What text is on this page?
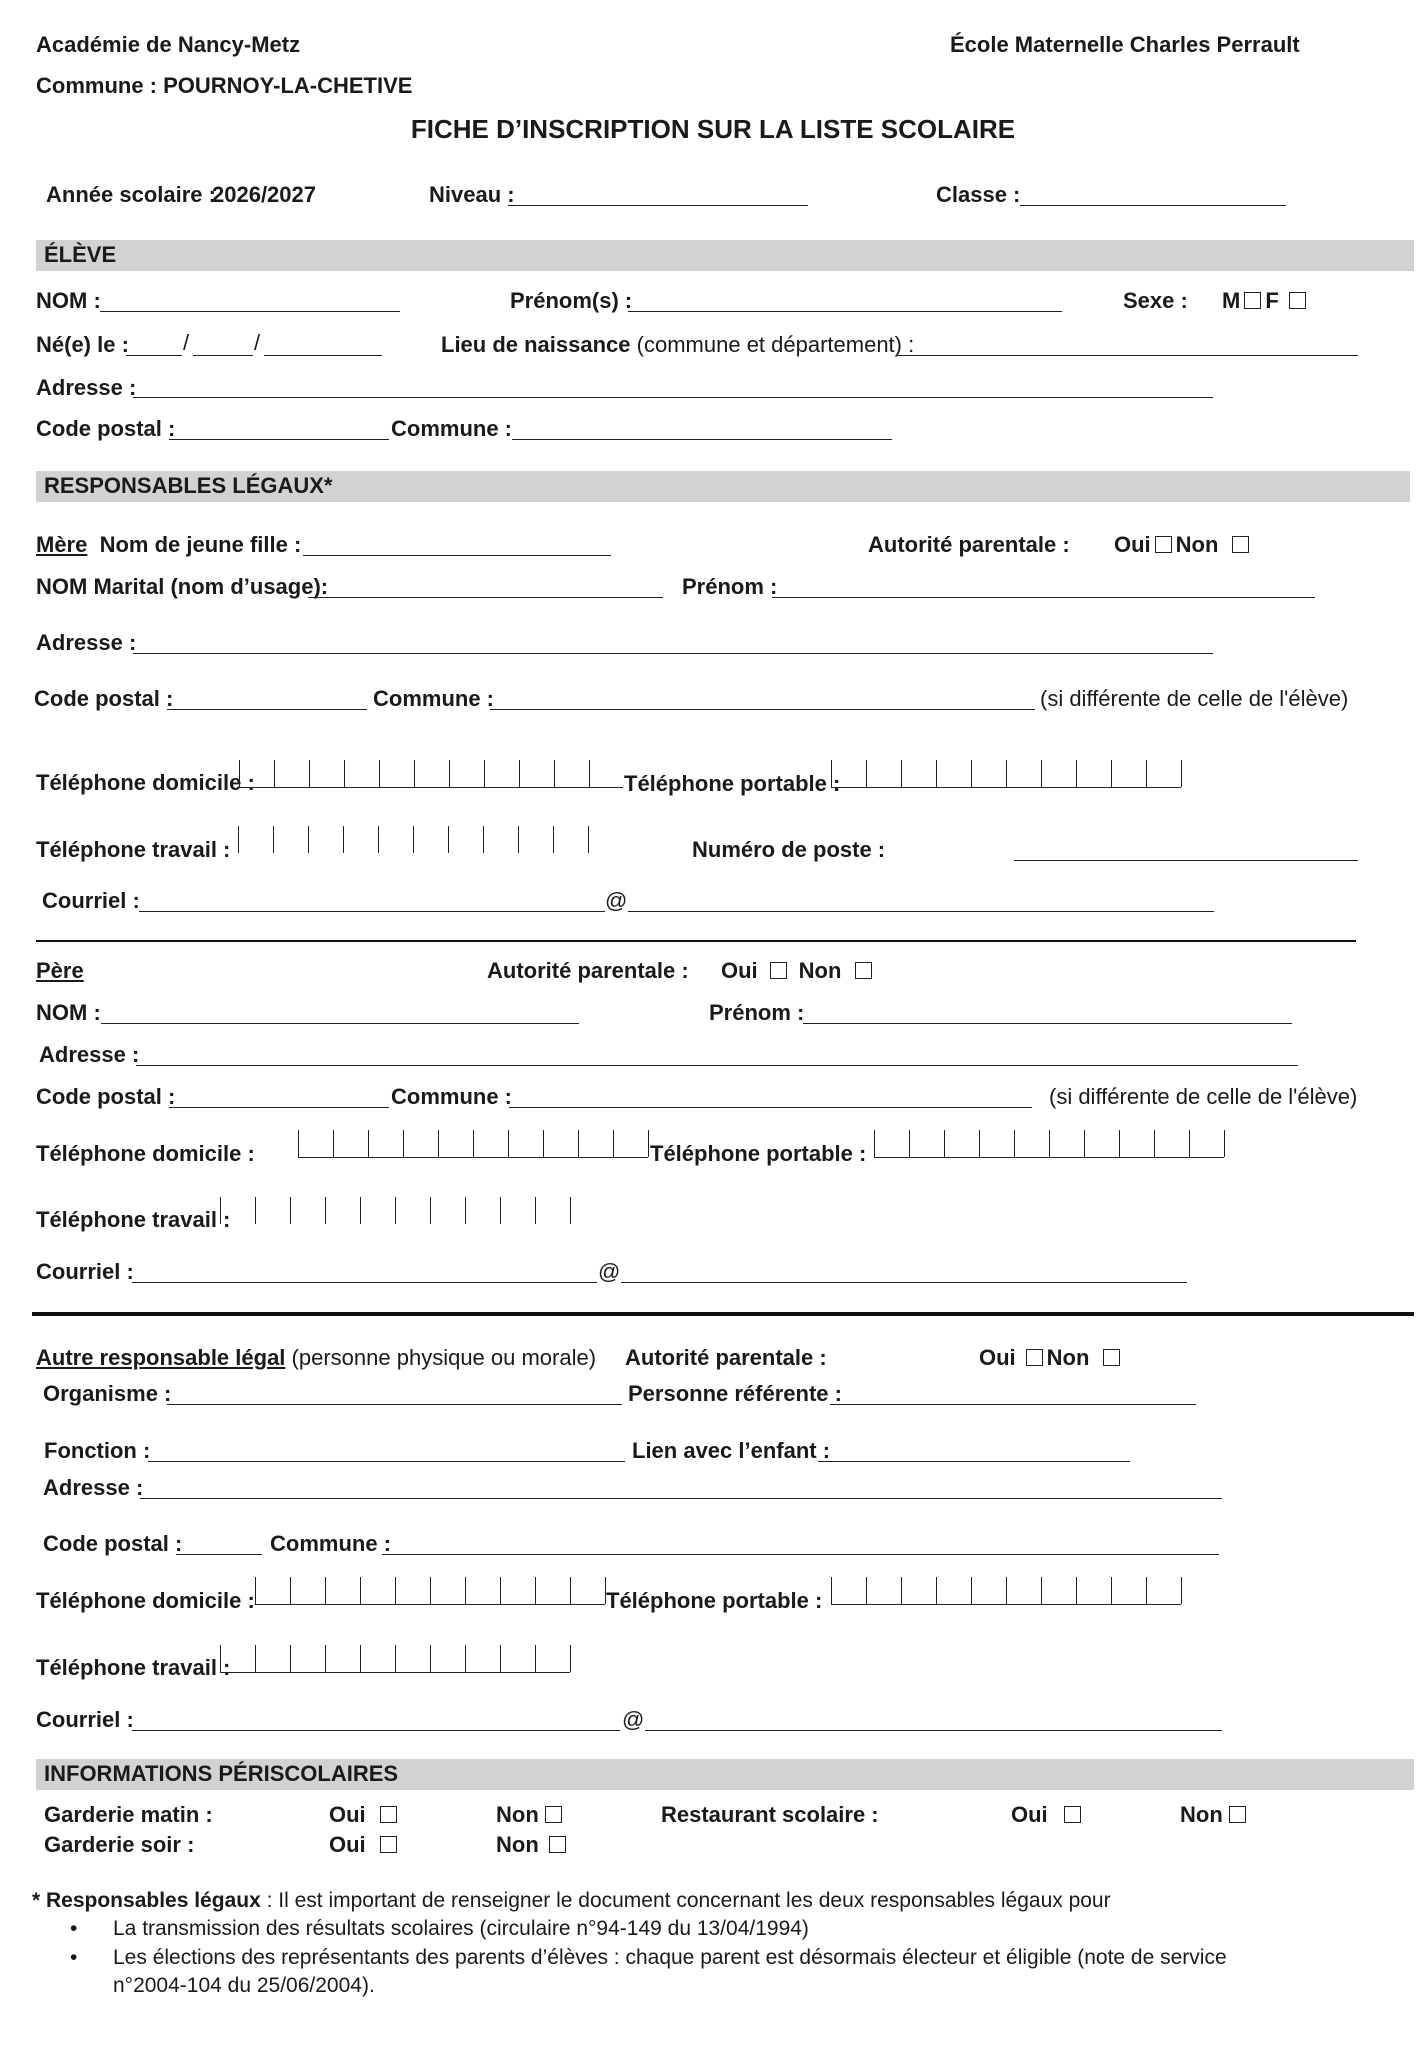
Académie de Nancy-Metz
Commune : POURNOY-LA-CHETIVE
École Maternelle Charles Perrault
FICHE D’INSCRIPTION SUR LA LISTE SCOLAIRE
Année scolaire :
2026/2027	Niveau :	Classe :
ÉLÈVE
NOM :	Prénom(s) :	Sexe : M F
Né(e) le : /	/	Lieu de naissance (commune et département) :
Adresse :
Code postal :	Commune :
RESPONSABLES LÉGAUX*
Mère Nom de jeune fille :	Autorité parentale : Oui Non
NOM Marital (nom d’usage):	Prénom :
Adresse :
Code postal :	Commune :	(si différente de celle de l'élève)
Téléphone domicile :	Téléphone portable :
Téléphone travail :	Numéro de poste :
Courriel :	@
Père	Autorité parentale : Oui Non
NOM :	Prénom :
Adresse :
Code postal :	Commune :	(si différente de celle de l'élève)
Téléphone domicile :	Téléphone portable :
Téléphone travail :
Courriel :	@
Autre responsable légal (personne physique ou morale) Autorité parentale :	Oui Non
Organisme :	Personne référente :
Fonction :	Lien avec l’enfant :
Adresse :
Code postal :	Commune :
Téléphone domicile :	Téléphone portable :
Téléphone travail :
Courriel :	@
INFORMATIONS PÉRISCOLAIRES
Garderie matin :	Oui	Non	Restaurant scolaire :	Oui	Non
Garderie soir :	Oui	Non
* Responsables légaux : Il est important de renseigner le document concernant les deux responsables légaux pour
• La transmission des résultats scolaires (circulaire n°94-149 du 13/04/1994)
• Les élections des représentants des parents d’élèves : chaque parent est désormais électeur et éligible (note de service
n°2004-104 du 25/06/2004).
